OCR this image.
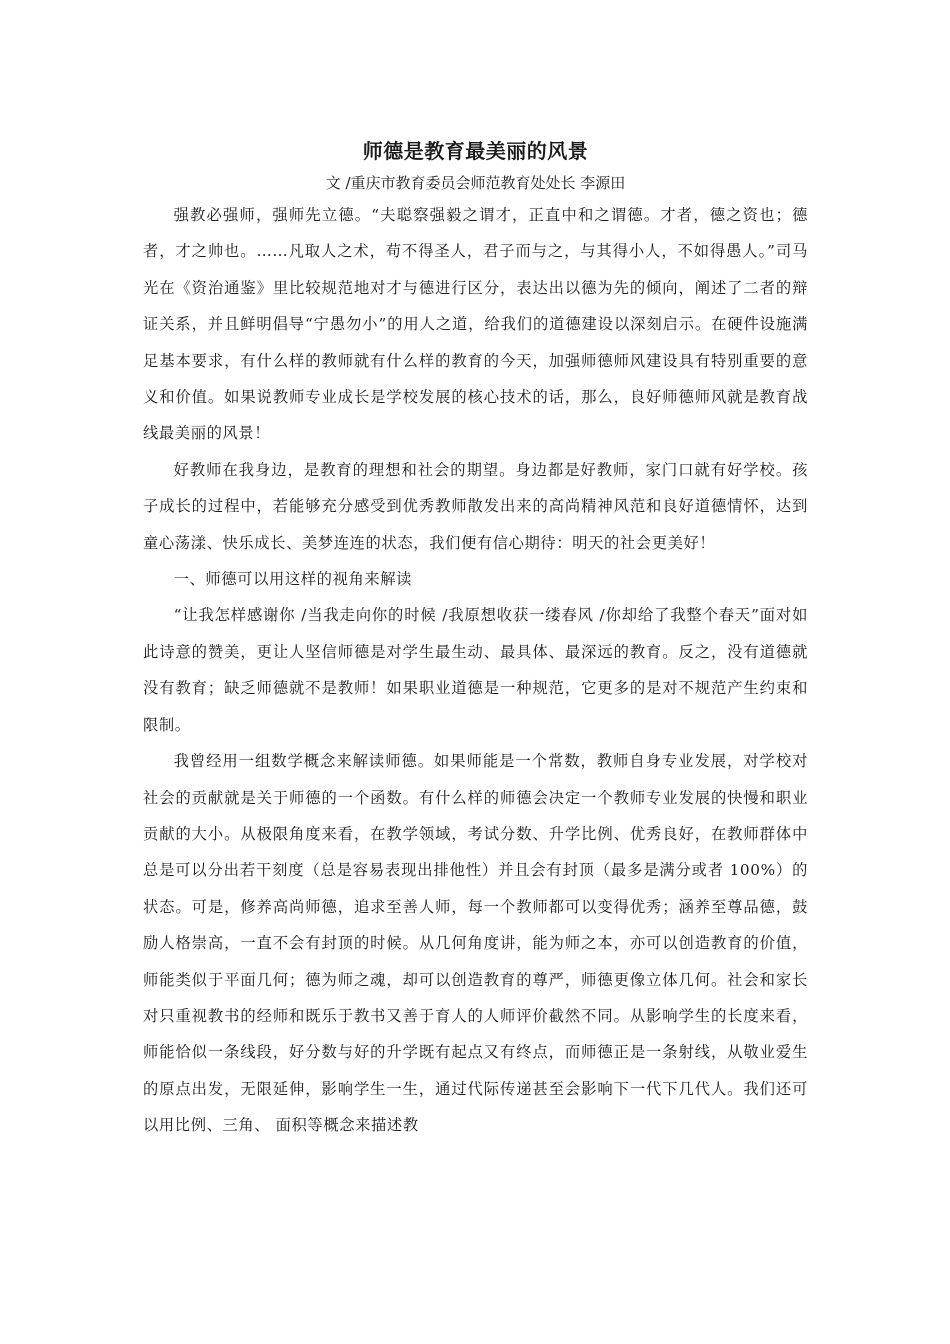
师德是教育最美丽的风景

文 /重庆市教育委员会师范教育处处长 李源田

强教必强师，强师先立德。“夫聪察强毅之谓才，正直中和之谓德。才者，德之资也；德者，才之帅也。……凡取人之术，苟不得圣人，君子而与之，与其得小人，不如得愚人。”司马光在《资治通鉴》里比较规范地对才与德进行区分，表达出以德为先的倾向，阐述了二者的辩证关系，并且鲜明倡导“宁愚勿小”的用人之道，给我们的道德建设以深刻启示。在硬件设施满足基本要求，有什么样的教师就有什么样的教育的今天，加强师德师风建设具有特别重要的意义和价值。如果说教师专业成长是学校发展的核心技术的话，那么，良好师德师风就是教育战线最美丽的风景！

好教师在我身边，是教育的理想和社会的期望。身边都是好教师，家门口就有好学校。孩子成长的过程中，若能够充分感受到优秀教师散发出来的高尚精神风范和良好道德情怀，达到童心荡漾、快乐成长、美梦连连的状态，我们便有信心期待：明天的社会更美好！

一、师德可以用这样的视角来解读

“让我怎样感谢你 /当我走向你的时候 /我原想收获一缕春风 /你却给了我整个春天”面对如此诗意的赞美，更让人坚信师德是对学生最生动、最具体、最深远的教育。反之，没有道德就没有教育；缺乏师德就不是教师！如果职业道德是一种规范，它更多的是对不规范产生约束和限制。

我曾经用一组数学概念来解读师德。如果师能是一个常数，教师自身专业发展，对学校对社会的贡献就是关于师德的一个函数。有什么样的师德会决定一个教师专业发展的快慢和职业贡献的大小。从极限角度来看，在教学领域，考试分数、升学比例、优秀良好，在教师群体中总是可以分出若干刻度（总是容易表现出排他性）并且会有封顶（最多是满分或者 100%）的状态。可是，修养高尚师德，追求至善人师，每一个教师都可以变得优秀；涵养至尊品德，鼓励人格崇高，一直不会有封顶的时候。从几何角度讲，能为师之本，亦可以创造教育的价值，师能类似于平面几何；德为师之魂，却可以创造教育的尊严，师德更像立体几何。社会和家长对只重视教书的经师和既乐于教书又善于育人的人师评价截然不同。从影响学生的长度来看，师能恰似一条线段，好分数与好的升学既有起点又有终点，而师德正是一条射线，从敬业爱生的原点出发，无限延伸，影响学生一生，通过代际传递甚至会影响下一代下几代人。我们还可以用比例、三角、 面积等概念来描述教
